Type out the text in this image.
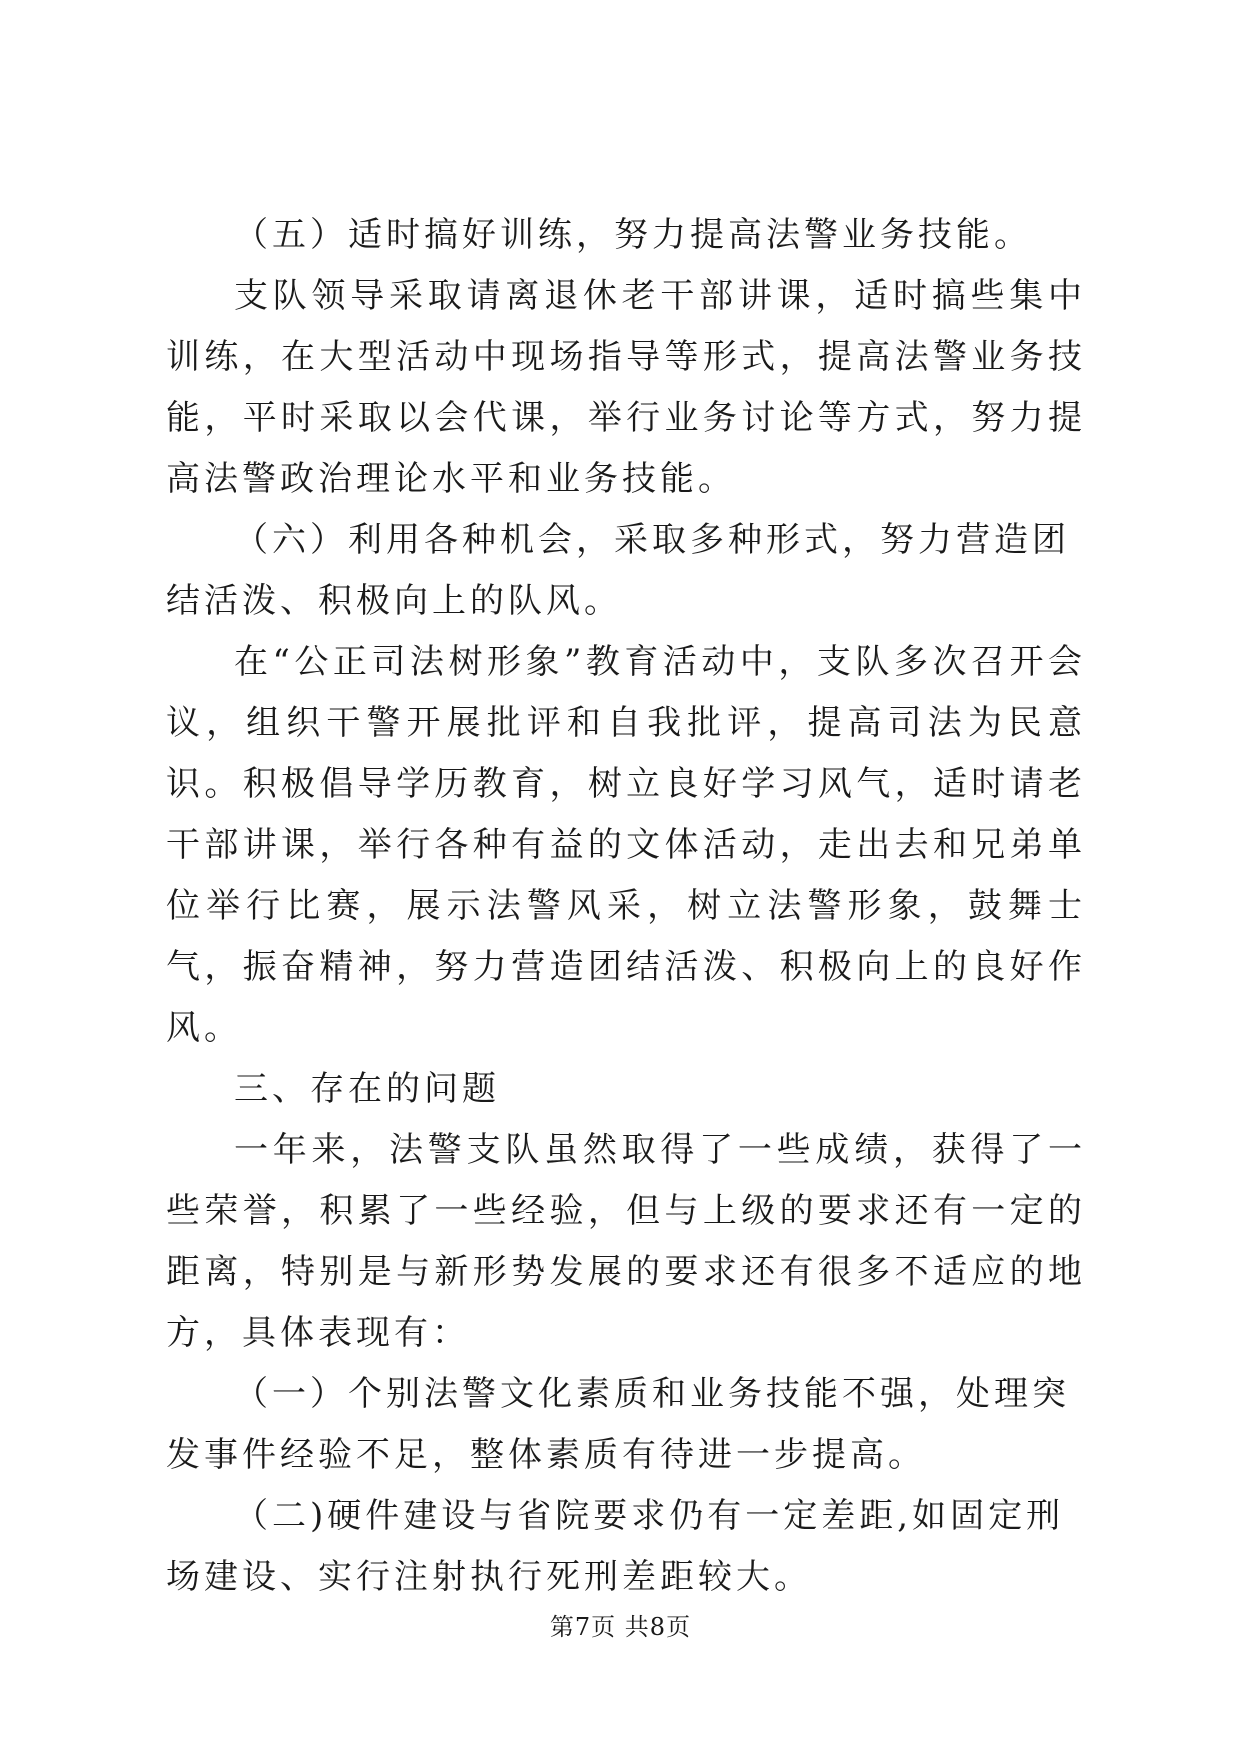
（五）适时搞好训练，努力提高法警业务技能。

支队领导采取请离退休老干部讲课，适时搞些集中训练，在大型活动中现场指导等形式，提高法警业务技能，平时采取以会代课，举行业务讨论等方式，努力提高法警政治理论水平和业务技能。

（六）利用各种机会，采取多种形式，努力营造团结活泼、积极向上的队风。

在“公正司法树形象”教育活动中，支队多次召开会议，组织干警开展批评和自我批评，提高司法为民意识。积极倡导学历教育，树立良好学习风气，适时请老干部讲课，举行各种有益的文体活动，走出去和兄弟单位举行比赛，展示法警风采，树立法警形象，鼓舞士气，振奋精神，努力营造团结活泼、积极向上的良好作风。

三、存在的问题

一年来，法警支队虽然取得了一些成绩，获得了一些荣誉，积累了一些经验，但与上级的要求还有一定的距离，特别是与新形势发展的要求还有很多不适应的地方，具体表现有：

（一）个别法警文化素质和业务技能不强，处理突发事件经验不足，整体素质有待进一步提高。

（二)硬件建设与省院要求仍有一定差距,如固定刑场建设、实行注射执行死刑差距较大。

第7页 共8页
